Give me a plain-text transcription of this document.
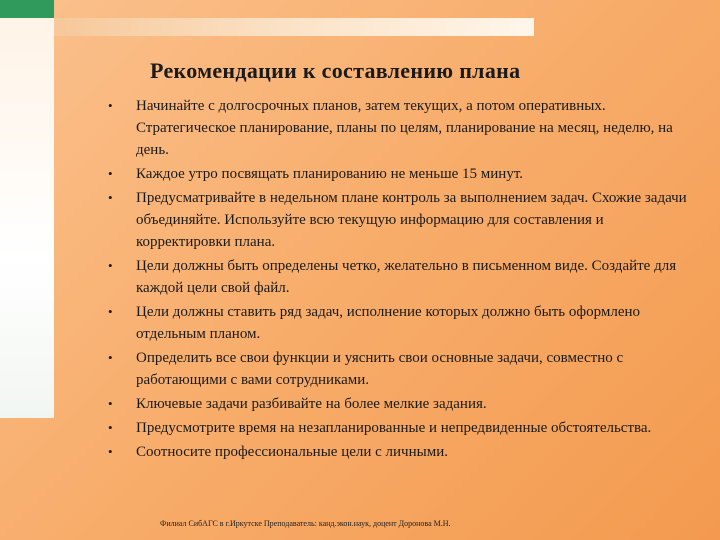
Рекомендации к составлению плана
• Начинайте с долгосрочных планов, затем текущих, а потом оперативных. Стратегическое планирование, планы по целям, планирование на месяц, неделю, на день.
• Каждое утро посвящать планированию не меньше 15 минут.
• Предусматривайте в недельном плане контроль за выполнением задач. Схожие задачи объединяйте. Используйте всю текущую информацию для составления и корректировки плана.
• Цели должны быть определены четко, желательно в письменном виде. Создайте для каждой цели свой файл.
• Цели должны ставить ряд задач, исполнение которых должно быть оформлено отдельным планом.
• Определить все свои функции и уяснить свои основные задачи, совместно с работающими с вами сотрудниками.
• Ключевые задачи разбивайте на более мелкие задания.
• Предусмотрите время на незапланированные и непредвиденные обстоятельства.
• Соотносите профессиональные цели с личными.
Филиал СибАГС в г.Иркутске Преподаватель: канд.экон.наук, доцент Доронова М.Н.
